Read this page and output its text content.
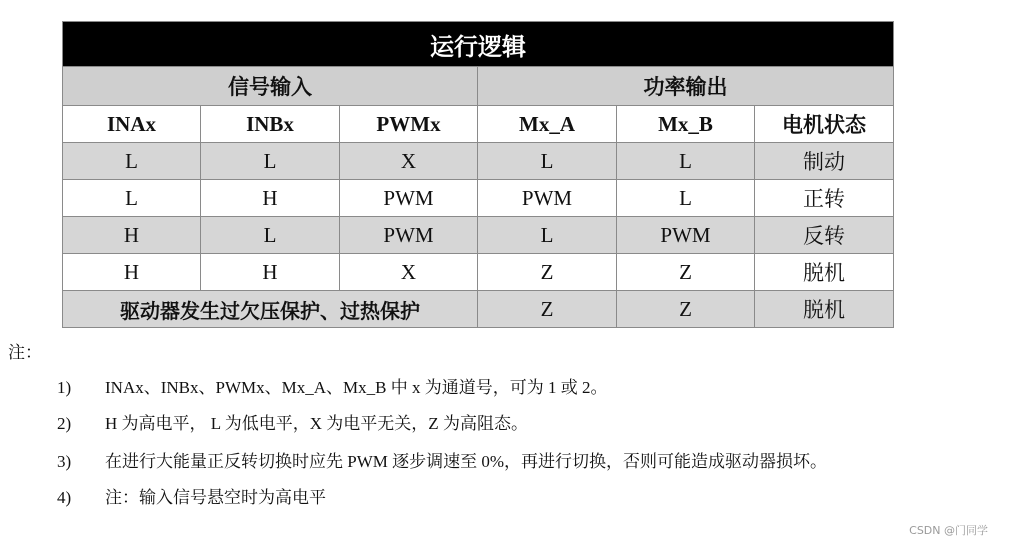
运行逻辑					
信号输入			功率输出		
INAx	INBx	PWMx	Mx_A	Mx_B	电机状态
L	L	X	L	L	制动
L	H	PWM	PWM	L	正转
H	L	PWM	L	PWM	反转
H	H	X	Z	Z	脱机
驱动器发生过欠压保护、过热保护			Z	Z	脱机
注：
1) INAx、INBx、PWMx、Mx_A、Mx_B 中 x 为通道号，可为 1 或 2。
2) H 为高电平， L 为低电平，X 为电平无关，Z 为高阻态。
3) 在进行大能量正反转切换时应先 PWM 逐步调速至 0%，再进行切换，否则可能造成驱动器损坏。
4) 注：输入信号悬空时为高电平
CSDN @门同学
